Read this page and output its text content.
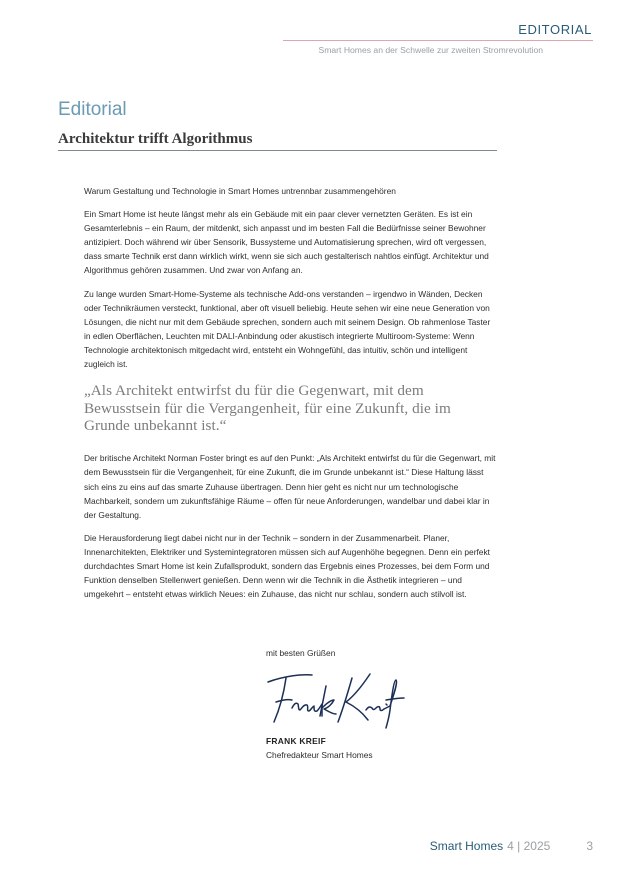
EDITORIAL
Smart Homes an der Schwelle zur zweiten Stromrevolution
Editorial
Architektur trifft Algorithmus

Warum Gestaltung und Technologie in Smart Homes untrennbar zusammengehören

Ein Smart Home ist heute längst mehr als ein Gebäude mit ein paar clever vernetzten Geräten. Es ist ein Gesamterlebnis – ein Raum, der mitdenkt, sich anpasst und im besten Fall die Bedürfnisse seiner Bewohner antizipiert. Doch während wir über Sensorik, Bussysteme und Automatisierung sprechen, wird oft vergessen, dass smarte Technik erst dann wirklich wirkt, wenn sie sich auch gestalterisch nahtlos einfügt. Architektur und Algorithmus gehören zusammen. Und zwar von Anfang an.

Zu lange wurden Smart-Home-Systeme als technische Add-ons verstanden – irgendwo in Wänden, Decken oder Technikräumen versteckt, funktional, aber oft visuell beliebig. Heute sehen wir eine neue Generation von Lösungen, die nicht nur mit dem Gebäude sprechen, sondern auch mit seinem Design. Ob rahmenlose Taster in edlen Oberflächen, Leuchten mit DALI-Anbindung oder akustisch integrierte Multiroom-Systeme: Wenn Technologie architektonisch mitgedacht wird, entsteht ein Wohngefühl, das intuitiv, schön und intelligent zugleich ist.

„Als Architekt entwirfst du für die Gegenwart, mit dem Bewusstsein für die Vergangenheit, für eine Zukunft, die im Grunde unbekannt ist.“

Der britische Architekt Norman Foster bringt es auf den Punkt: „Als Architekt entwirfst du für die Gegenwart, mit dem Bewusstsein für die Vergangenheit, für eine Zukunft, die im Grunde unbekannt ist.“ Diese Haltung lässt sich eins zu eins auf das smarte Zuhause übertragen. Denn hier geht es nicht nur um technologische Machbarkeit, sondern um zukunftsfähige Räume – offen für neue Anforderungen, wandelbar und dabei klar in der Gestaltung.

Die Herausforderung liegt dabei nicht nur in der Technik – sondern in der Zusammenarbeit. Planer, Innenarchitekten, Elektriker und Systemintegratoren müssen sich auf Augenhöhe begegnen. Denn ein perfekt durchdachtes Smart Home ist kein Zufallsprodukt, sondern das Ergebnis eines Prozesses, bei dem Form und Funktion denselben Stellenwert genießen. Denn wenn wir die Technik in die Ästhetik integrieren – und umgekehrt – entsteht etwas wirklich Neues: ein Zuhause, das nicht nur schlau, sondern auch stilvoll ist.

mit besten Grüßen
FRANK KREIF
Chefredakteur Smart Homes
Smart Homes 4 | 2025	3
